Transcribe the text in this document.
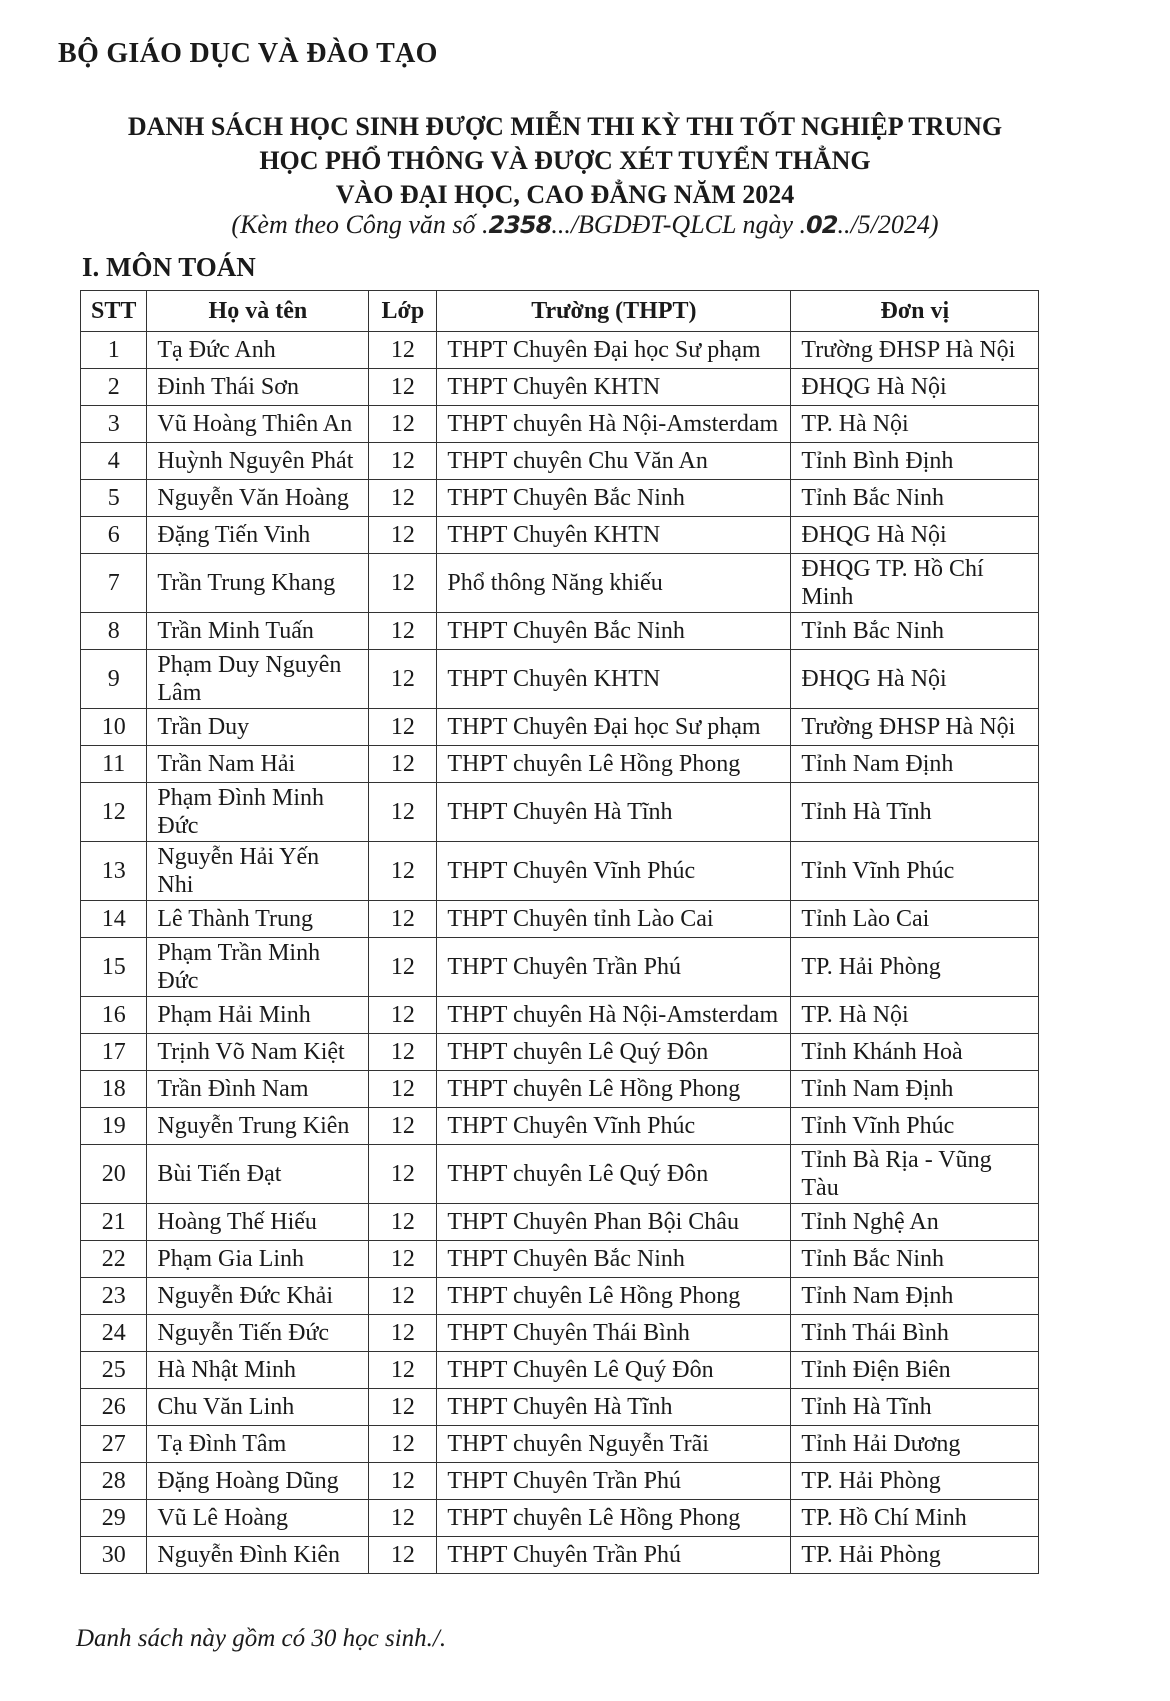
BỘ GIÁO DỤC VÀ ĐÀO TẠO
DANH SÁCH HỌC SINH ĐƯỢC MIỄN THI KỲ THI TỐT NGHIỆP TRUNG
HỌC PHỔ THÔNG VÀ ĐƯỢC XÉT TUYỂN THẲNG
VÀO ĐẠI HỌC, CAO ĐẲNG NĂM 2024
(Kèm theo Công văn số .2358.../BGDĐT-QLCL ngày .02../5/2024)
I. MÔN TOÁN
STT	Họ và tên	Lớp	Trường (THPT)	Đơn vị
1	Tạ Đức Anh	12	THPT Chuyên Đại học Sư phạm	Trường ĐHSP Hà Nội
2	Đinh Thái Sơn	12	THPT Chuyên KHTN	ĐHQG Hà Nội
3	Vũ Hoàng Thiên An	12	THPT chuyên Hà Nội-Amsterdam	TP. Hà Nội
4	Huỳnh Nguyên Phát	12	THPT chuyên Chu Văn An	Tỉnh Bình Định
5	Nguyễn Văn Hoàng	12	THPT Chuyên Bắc Ninh	Tỉnh Bắc Ninh
6	Đặng Tiến Vinh	12	THPT Chuyên KHTN	ĐHQG Hà Nội
7	Trần Trung Khang	12	Phổ thông Năng khiếu	ĐHQG TP. Hồ Chí Minh
8	Trần Minh Tuấn	12	THPT Chuyên Bắc Ninh	Tỉnh Bắc Ninh
9	Phạm Duy Nguyên Lâm	12	THPT Chuyên KHTN	ĐHQG Hà Nội
10	Trần Duy	12	THPT Chuyên Đại học Sư phạm	Trường ĐHSP Hà Nội
11	Trần Nam Hải	12	THPT chuyên Lê Hồng Phong	Tỉnh Nam Định
12	Phạm Đình Minh Đức	12	THPT Chuyên Hà Tĩnh	Tỉnh Hà Tĩnh
13	Nguyễn Hải Yến Nhi	12	THPT Chuyên Vĩnh Phúc	Tỉnh Vĩnh Phúc
14	Lê Thành Trung	12	THPT Chuyên tỉnh Lào Cai	Tỉnh Lào Cai
15	Phạm Trần Minh Đức	12	THPT Chuyên Trần Phú	TP. Hải Phòng
16	Phạm Hải Minh	12	THPT chuyên Hà Nội-Amsterdam	TP. Hà Nội
17	Trịnh Võ Nam Kiệt	12	THPT chuyên Lê Quý Đôn	Tỉnh Khánh Hoà
18	Trần Đình Nam	12	THPT chuyên Lê Hồng Phong	Tỉnh Nam Định
19	Nguyễn Trung Kiên	12	THPT Chuyên Vĩnh Phúc	Tỉnh Vĩnh Phúc
20	Bùi Tiến Đạt	12	THPT chuyên Lê Quý Đôn	Tỉnh Bà Rịa - Vũng Tàu
21	Hoàng Thế Hiếu	12	THPT Chuyên Phan Bội Châu	Tỉnh Nghệ An
22	Phạm Gia Linh	12	THPT Chuyên Bắc Ninh	Tỉnh Bắc Ninh
23	Nguyễn Đức Khải	12	THPT chuyên Lê Hồng Phong	Tỉnh Nam Định
24	Nguyễn Tiến Đức	12	THPT Chuyên Thái Bình	Tỉnh Thái Bình
25	Hà Nhật Minh	12	THPT Chuyên Lê Quý Đôn	Tỉnh Điện Biên
26	Chu Văn Linh	12	THPT Chuyên Hà Tĩnh	Tỉnh Hà Tĩnh
27	Tạ Đình Tâm	12	THPT chuyên Nguyễn Trãi	Tỉnh Hải Dương
28	Đặng Hoàng Dũng	12	THPT Chuyên Trần Phú	TP. Hải Phòng
29	Vũ Lê Hoàng	12	THPT chuyên Lê Hồng Phong	TP. Hồ Chí Minh
30	Nguyễn Đình Kiên	12	THPT Chuyên Trần Phú	TP. Hải Phòng
Danh sách này gồm có 30 học sinh./.
